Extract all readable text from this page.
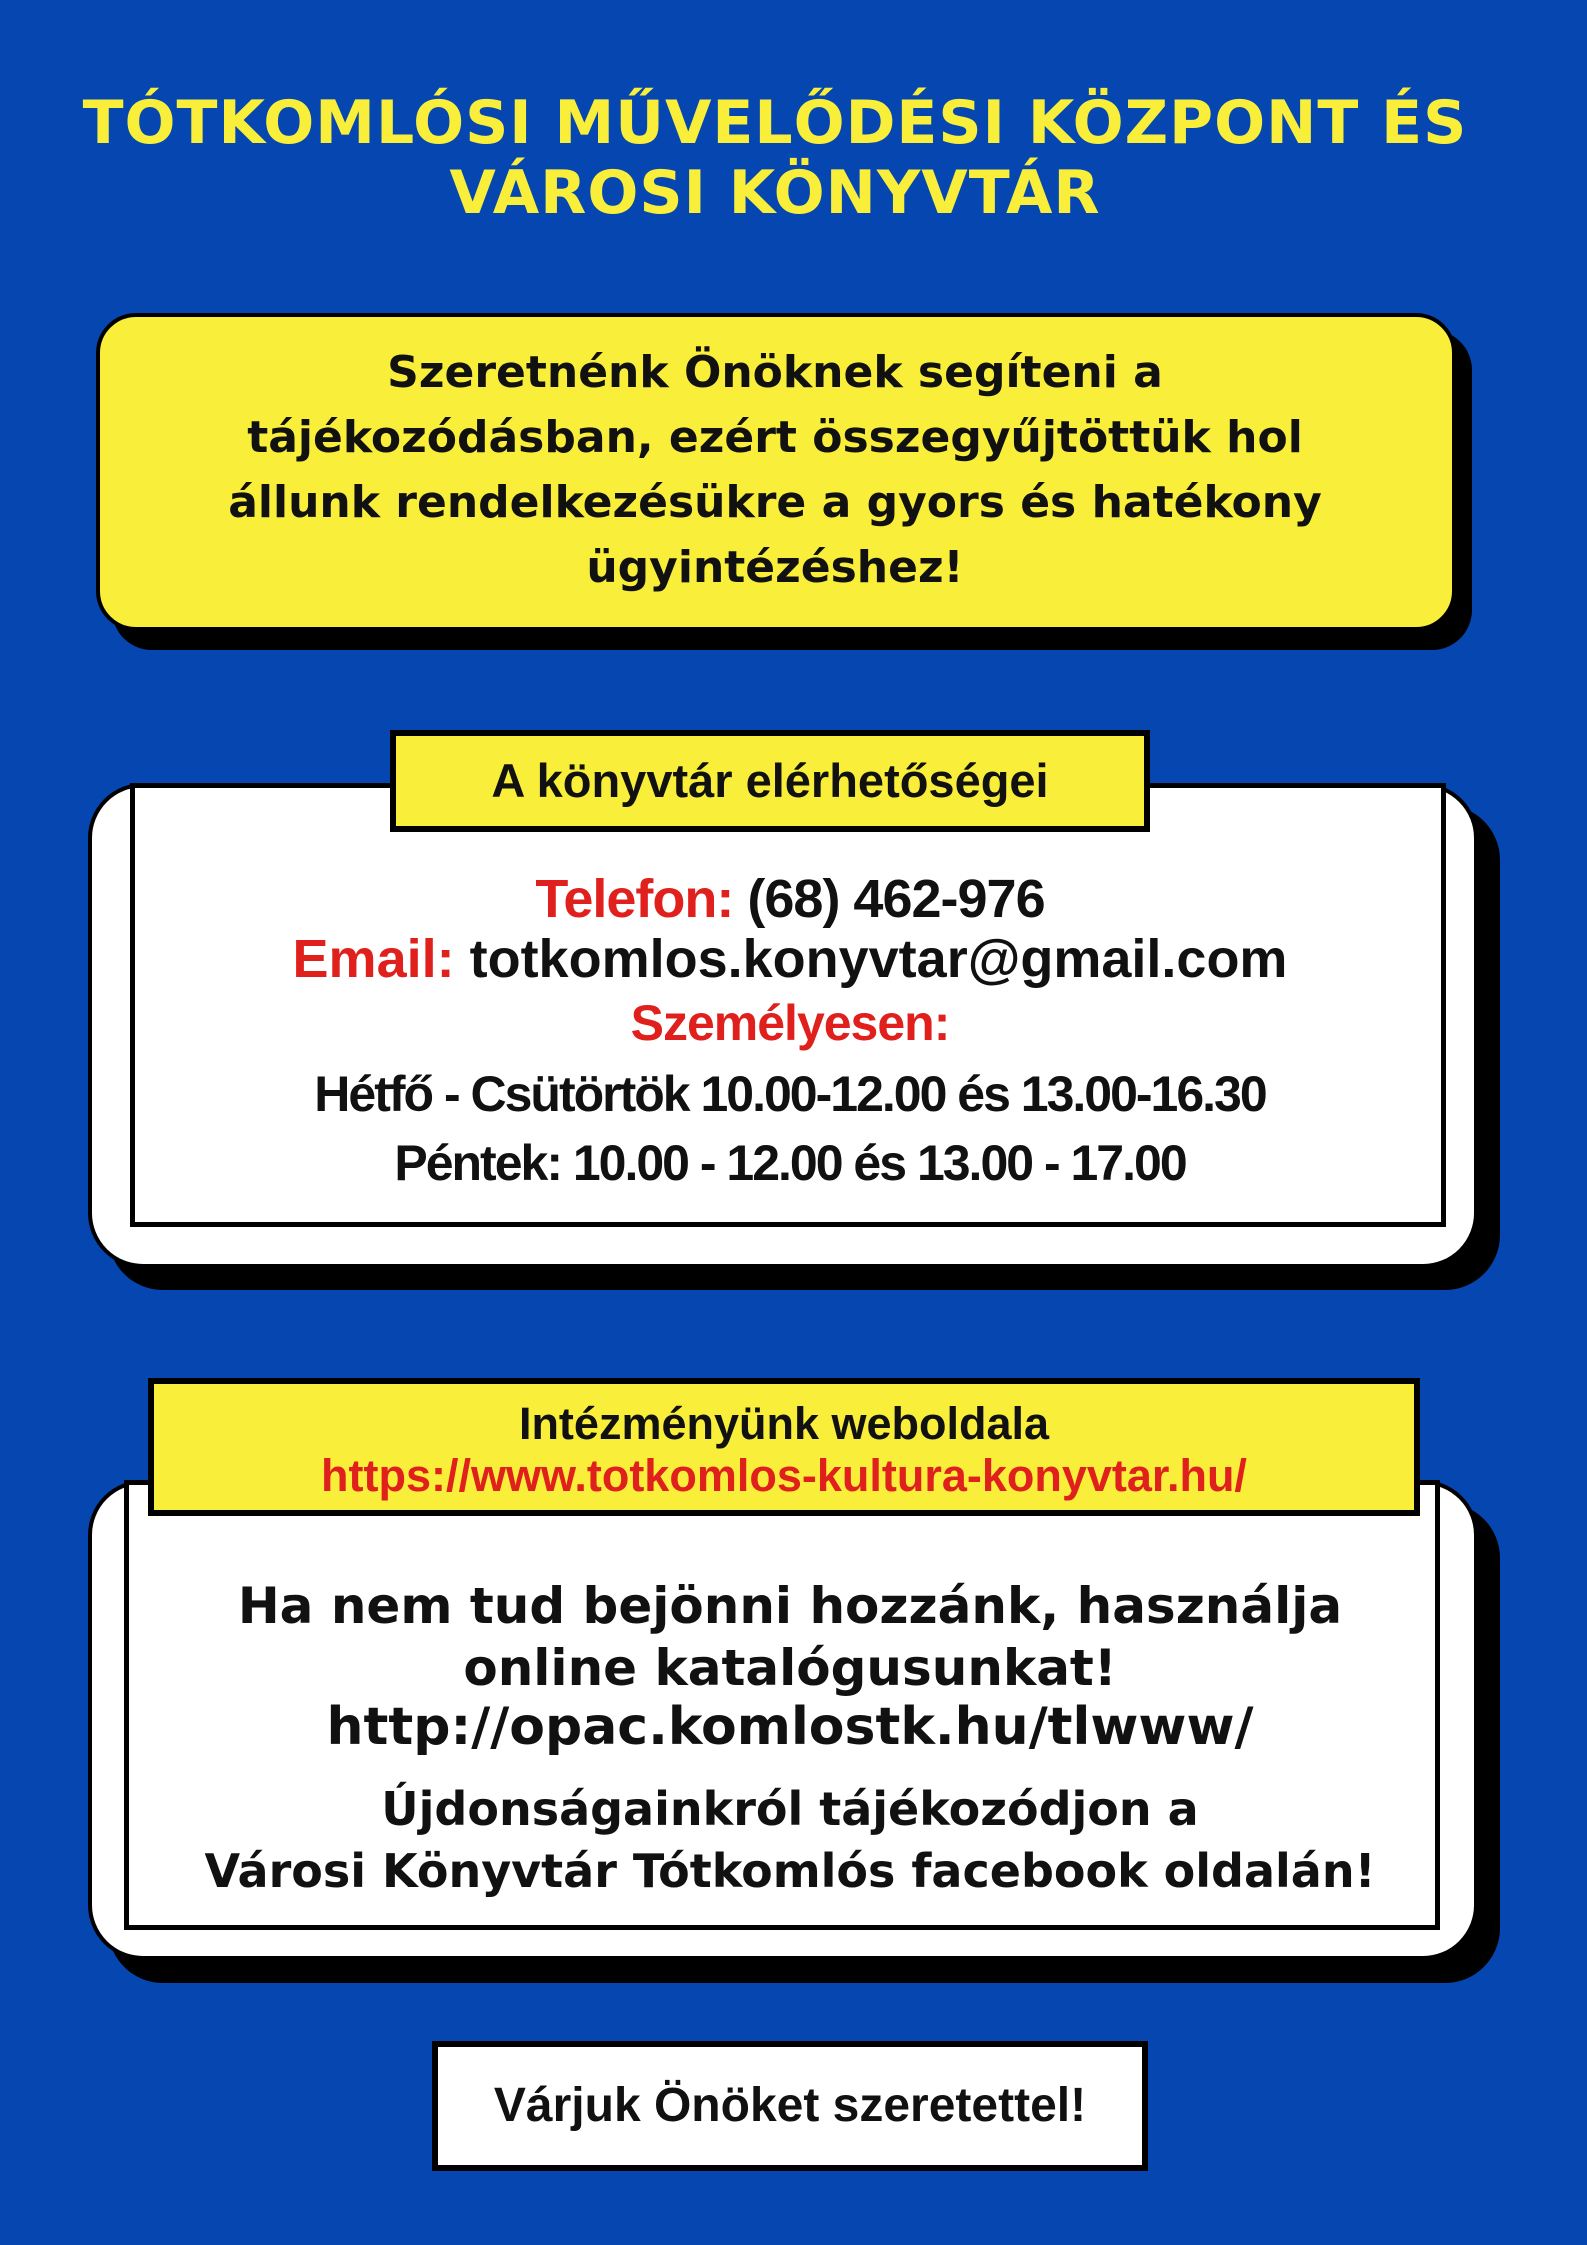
TÓTKOMLÓSI MŰVELŐDÉSI KÖZPONT ÉS
VÁROSI KÖNYVTÁR
Szeretnénk Önöknek segíteni a
tájékozódásban, ezért összegyűjtöttük hol
állunk rendelkezésükre a gyors és hatékony
ügyintézéshez!
A könyvtár elérhetőségei
Telefon: (68) 462-976
Email: totkomlos.konyvtar@gmail.com
Személyesen:
Hétfő - Csütörtök 10.00-12.00 és 13.00-16.30
Péntek: 10.00 - 12.00 és 13.00 - 17.00
Intézményünk weboldala
https://www.totkomlos-kultura-konyvtar.hu/
Ha nem tud bejönni hozzánk, használja
online katalógusunkat!
http://opac.komlostk.hu/tlwww/
Újdonságainkról tájékozódjon a
Városi Könyvtár Tótkomlós facebook oldalán!
Várjuk Önöket szeretettel!
